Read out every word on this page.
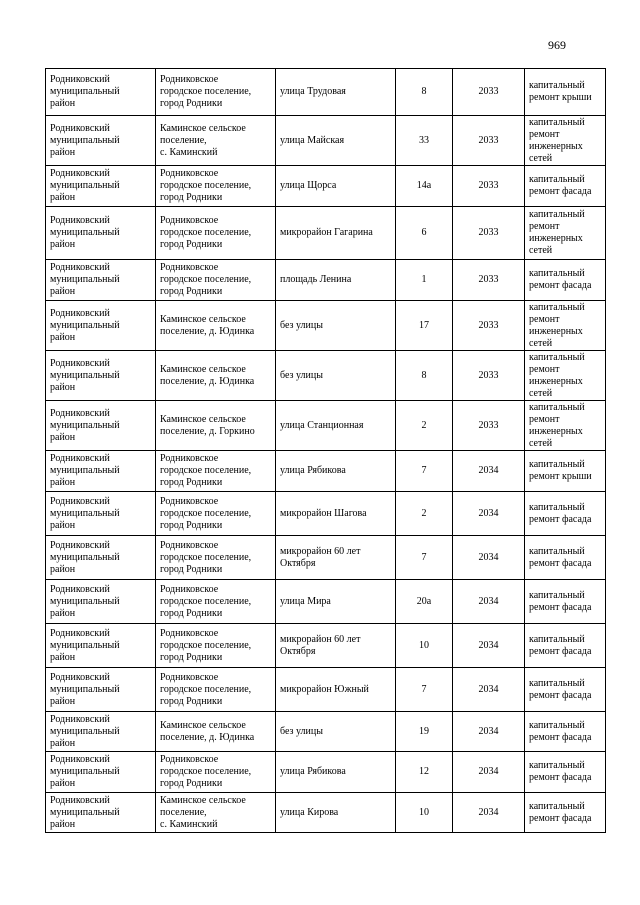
969
Родниковский
муниципальный
район	Родниковское
городское поселение,
город Родники	улица Трудовая	8	2033	капитальный
ремонт крыши

Родниковский
муниципальный
район	Каминское сельское
поселение,
с. Каминский	улица Майская	33	2033	капитальный
ремонт
инженерных
сетей

Родниковский
муниципальный
район	Родниковское
городское поселение,
город Родники	улица Щорса	14а	2033	капитальный
ремонт фасада

Родниковский
муниципальный
район	Родниковское
городское поселение,
город Родники	микрорайон Гагарина	6	2033	капитальный
ремонт
инженерных
сетей

Родниковский
муниципальный
район	Родниковское
городское поселение,
город Родники	площадь Ленина	1	2033	капитальный
ремонт фасада

Родниковский
муниципальный
район	Каминское сельское
поселение, д. Юдинка	без улицы	17	2033	капитальный
ремонт
инженерных
сетей

Родниковский
муниципальный
район	Каминское сельское
поселение, д. Юдинка	без улицы	8	2033	капитальный
ремонт
инженерных
сетей

Родниковский
муниципальный
район	Каминское сельское
поселение, д. Горкино	улица Станционная	2	2033	капитальный
ремонт
инженерных
сетей

Родниковский
муниципальный
район	Родниковское
городское поселение,
город Родники	улица Рябикова	7	2034	капитальный
ремонт крыши

Родниковский
муниципальный
район	Родниковское
городское поселение,
город Родники	микрорайон Шагова	2	2034	капитальный
ремонт фасада

Родниковский
муниципальный
район	Родниковское
городское поселение,
город Родники	микрорайон 60 лет
Октября	7	2034	капитальный
ремонт фасада

Родниковский
муниципальный
район	Родниковское
городское поселение,
город Родники	улица Мира	20а	2034	капитальный
ремонт фасада

Родниковский
муниципальный
район	Родниковское
городское поселение,
город Родники	микрорайон 60 лет
Октября	10	2034	капитальный
ремонт фасада

Родниковский
муниципальный
район	Родниковское
городское поселение,
город Родники	микрорайон Южный	7	2034	капитальный
ремонт фасада

Родниковский
муниципальный
район	Каминское сельское
поселение, д. Юдинка	без улицы	19	2034	капитальный
ремонт фасада

Родниковский
муниципальный
район	Родниковское
городское поселение,
город Родники	улица Рябикова	12	2034	капитальный
ремонт фасада

Родниковский
муниципальный
район	Каминское сельское
поселение,
с. Каминский	улица Кирова	10	2034	капитальный
ремонт фасада
